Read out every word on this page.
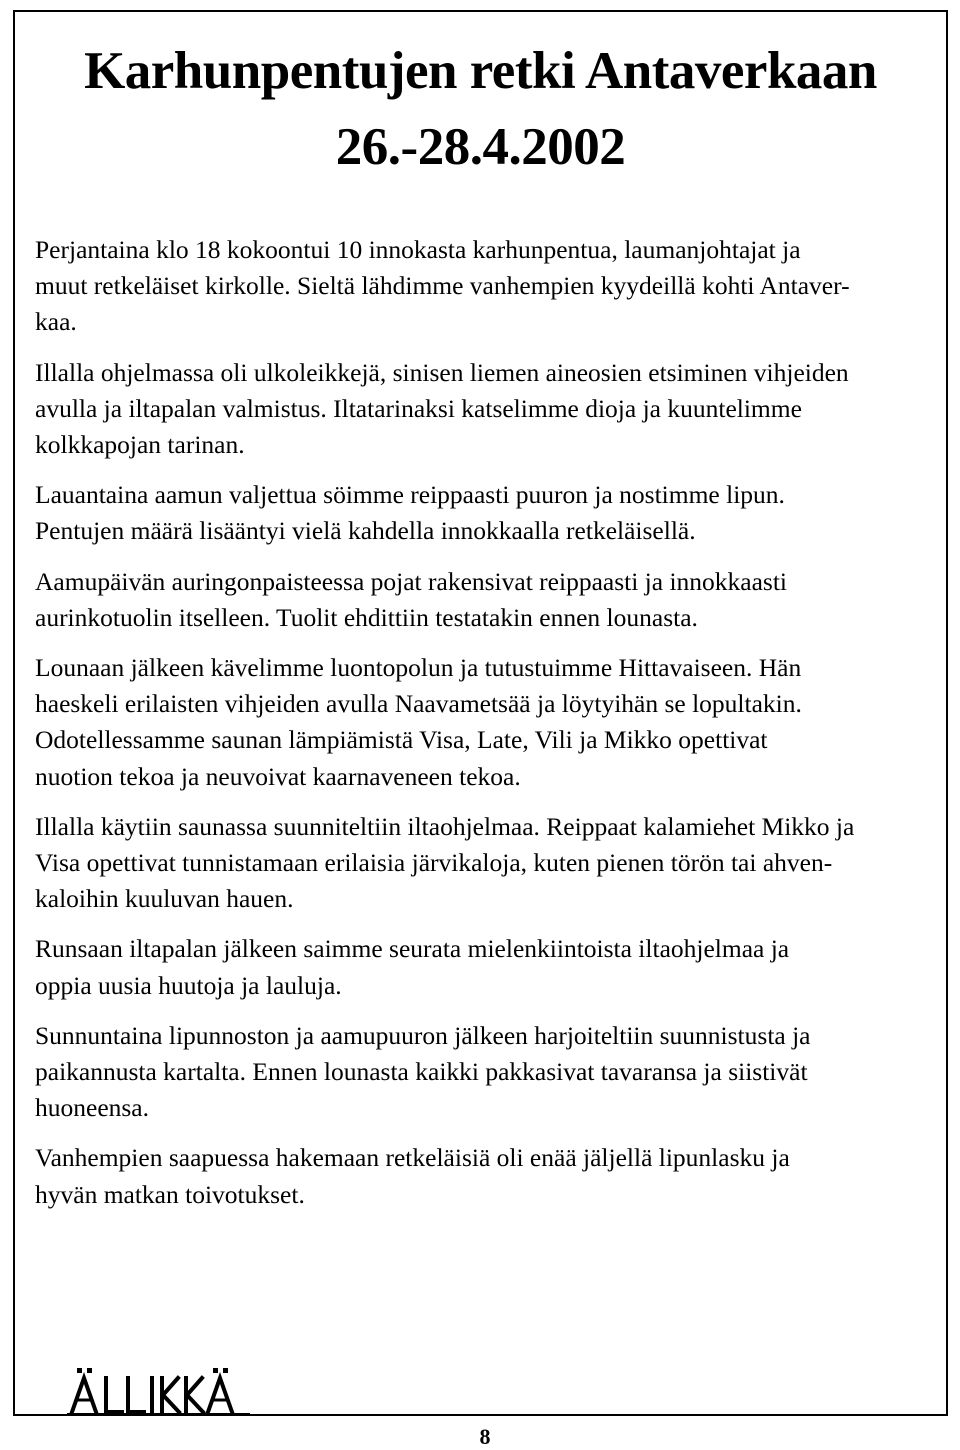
Karhunpentujen retki Antaverkaan
26.-28.4.2002

Perjantaina klo 18 kokoontui 10 innokasta karhunpentua, laumanjohtajat ja
muut retkeläiset kirkolle. Sieltä lähdimme vanhempien kyydeillä kohti Antaver-
kaa.

Illalla ohjelmassa oli ulkoleikkejä, sinisen liemen aineosien etsiminen vihjeiden
avulla ja iltapalan valmistus. Iltatarinaksi katselimme dioja ja kuuntelimme
kolkkapojan tarinan.

Lauantaina aamun valjettua söimme reippaasti puuron ja nostimme lipun.
Pentujen määrä lisääntyi vielä kahdella innokkaalla retkeläisellä.

Aamupäivän auringonpaisteessa pojat rakensivat reippaasti ja innokkaasti
aurinkotuolin itselleen. Tuolit ehdittiin testatakin ennen lounasta.

Lounaan jälkeen kävelimme luontopolun ja tutustuimme Hittavaiseen. Hän
haeskeli erilaisten vihjeiden avulla Naavametsää ja löytyihän se lopultakin.
Odotellessamme saunan lämpiämistä Visa, Late, Vili ja Mikko opettivat
nuotion tekoa ja neuvoivat kaarnaveneen tekoa.

Illalla käytiin saunassa suunniteltiin iltaohjelmaa. Reippaat kalamiehet Mikko ja
Visa opettivat tunnistamaan erilaisia järvikaloja, kuten pienen törön tai ahven-
kaloihin kuuluvan hauen.

Runsaan iltapalan jälkeen saimme seurata mielenkiintoista iltaohjelmaa ja
oppia uusia huutoja ja lauluja.

Sunnuntaina lipunnoston ja aamupuuron jälkeen harjoiteltiin suunnistusta ja
paikannusta kartalta. Ennen lounasta kaikki pakkasivat tavaransa ja siistivät
huoneensa.

Vanhempien saapuessa hakemaan retkeläisiä oli enää jäljellä lipunlasku ja
hyvän matkan toivotukset.

8
